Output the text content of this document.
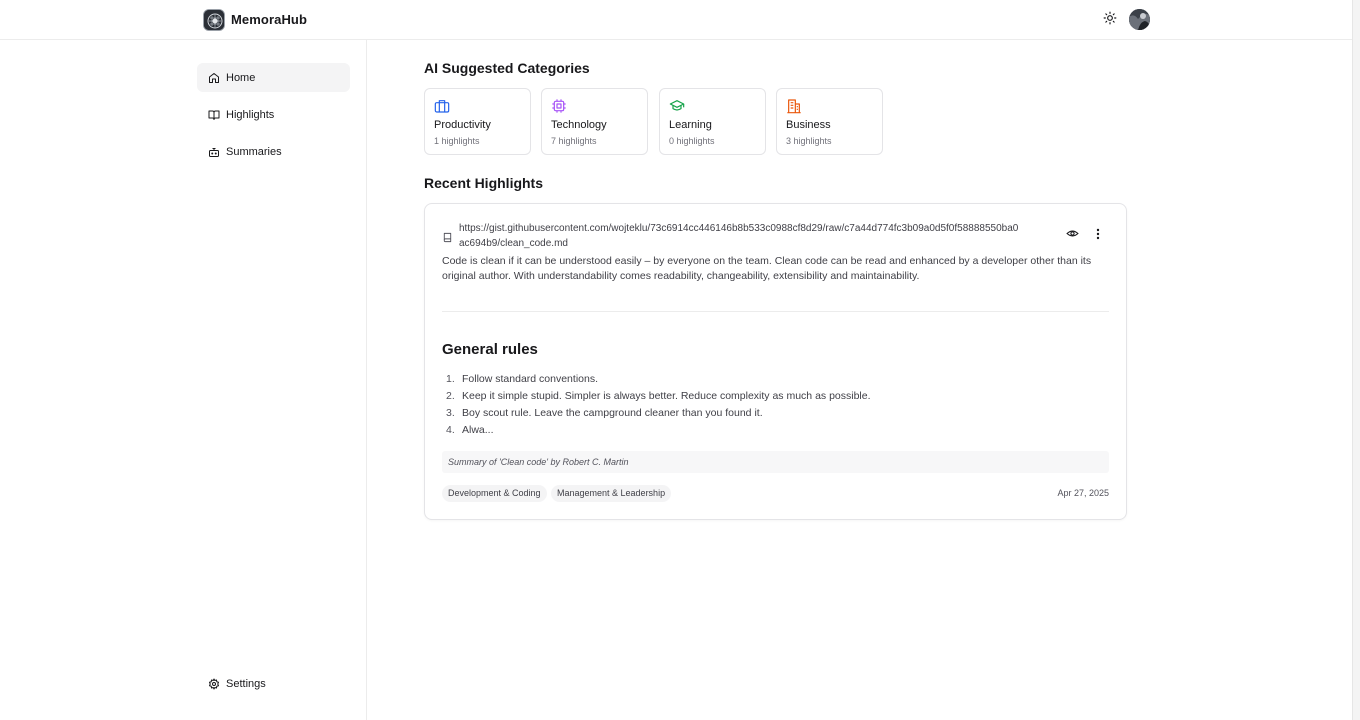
MemoraHub
Home
Highlights
Summaries
Settings
AI Suggested Categories
Productivity
1 highlights
Technology
7 highlights
Learning
0 highlights
Business
3 highlights
Recent Highlights
https://gist.githubusercontent.com/wojteklu/73c6914cc446146b8b533c0988cf8d29/raw/c7a44d774fc3b09a0d5f0f58888550ba0ac694b9/clean_code.md

Code is clean if it can be understood easily – by everyone on the team. Clean code can be read and enhanced by a developer other than its original author. With understandability comes readability, changeability, extensibility and maintainability.

General rules
1. Follow standard conventions.
2. Keep it simple stupid. Simpler is always better. Reduce complexity as much as possible.
3. Boy scout rule. Leave the campground cleaner than you found it.
4. Alwa...
Summary of 'Clean code' by Robert C. Martin
Development & Coding	Management & Leadership	Apr 27, 2025
